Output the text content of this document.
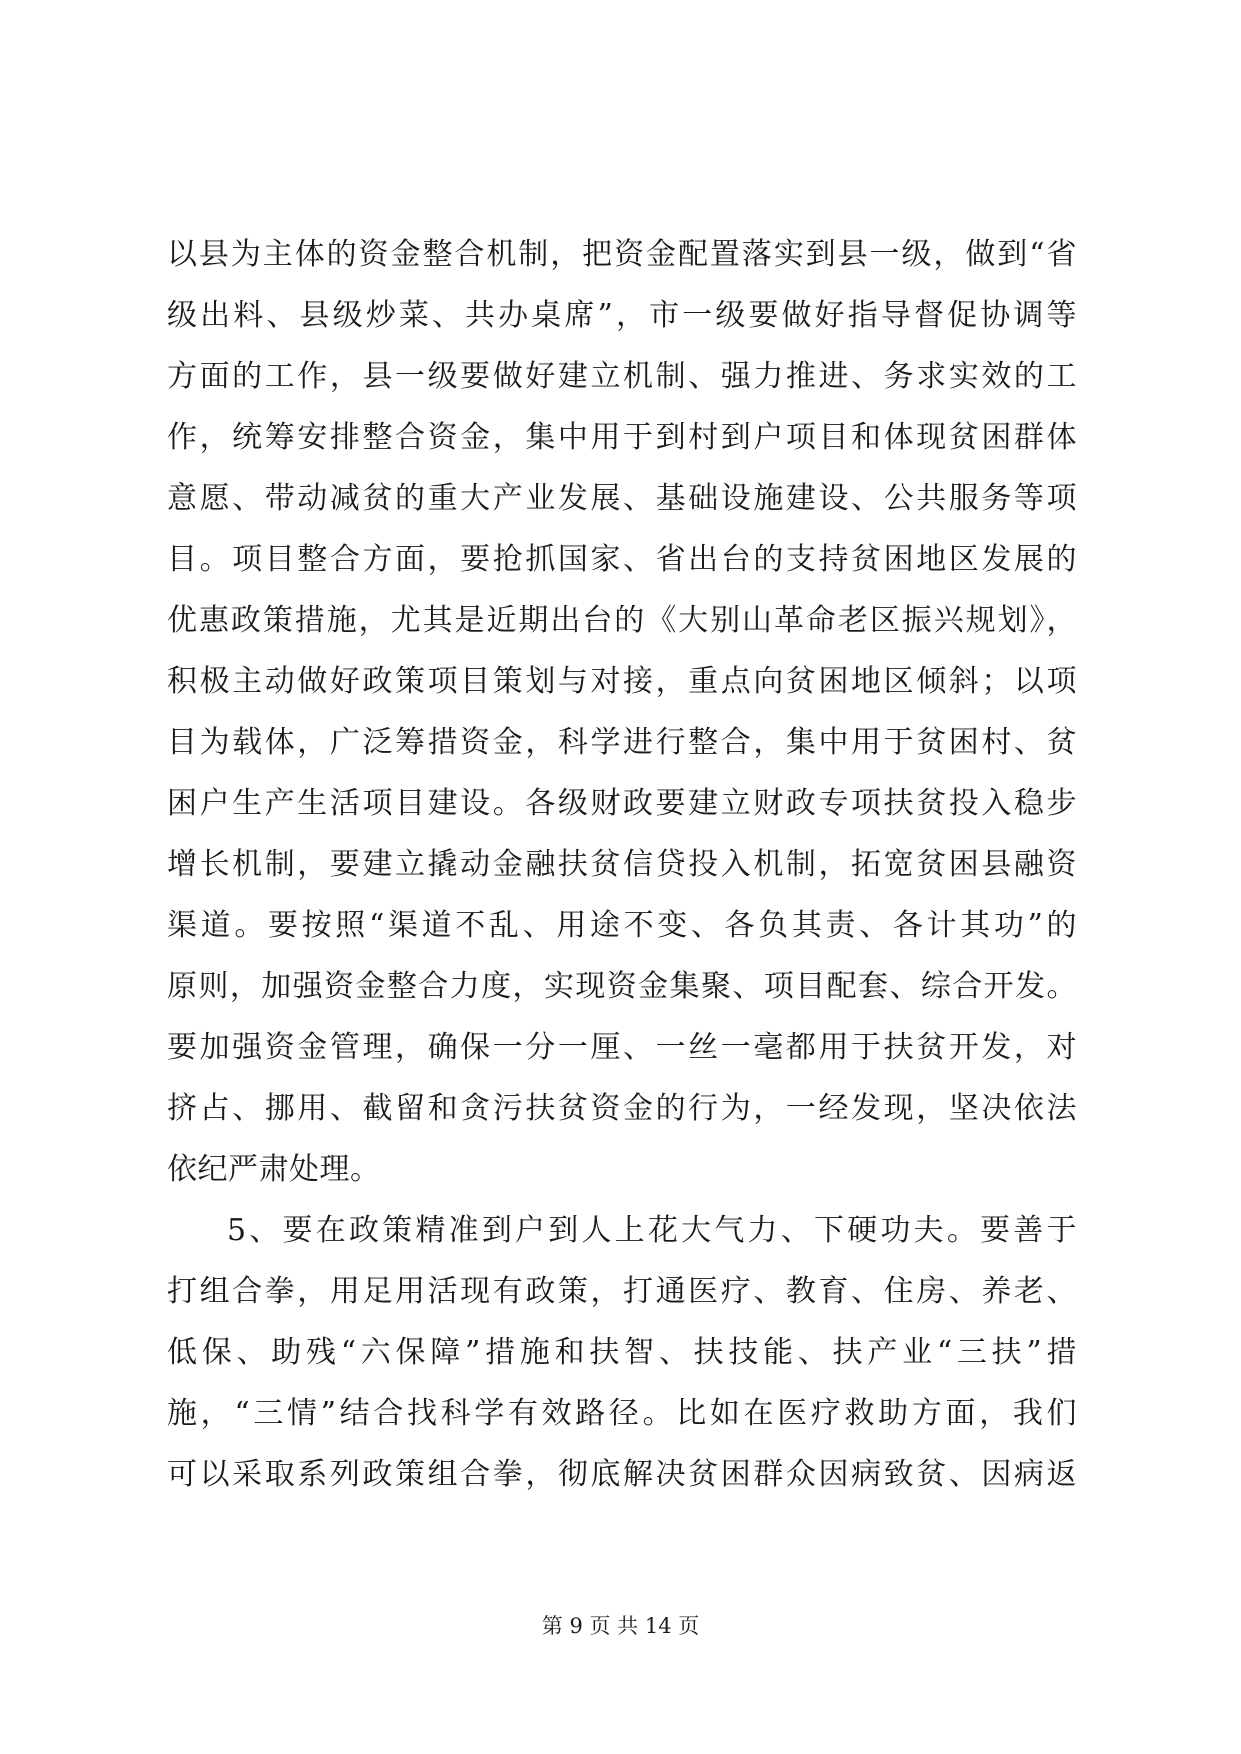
以县为主体的资金整合机制，把资金配置落实到县一级，做到“省
级出料、县级炒菜、共办桌席”，市一级要做好指导督促协调等
方面的工作，县一级要做好建立机制、强力推进、务求实效的工
作，统筹安排整合资金，集中用于到村到户项目和体现贫困群体
意愿、带动减贫的重大产业发展、基础设施建设、公共服务等项
目。项目整合方面，要抢抓国家、省出台的支持贫困地区发展的
优惠政策措施，尤其是近期出台的《大别山革命老区振兴规划》，
积极主动做好政策项目策划与对接，重点向贫困地区倾斜；以项
目为载体，广泛筹措资金，科学进行整合，集中用于贫困村、贫
困户生产生活项目建设。各级财政要建立财政专项扶贫投入稳步
增长机制，要建立撬动金融扶贫信贷投入机制，拓宽贫困县融资
渠道。要按照“渠道不乱、用途不变、各负其责、各计其功”的
原则，加强资金整合力度，实现资金集聚、项目配套、综合开发。
要加强资金管理，确保一分一厘、一丝一毫都用于扶贫开发，对
挤占、挪用、截留和贪污扶贫资金的行为，一经发现，坚决依法
依纪严肃处理。
5、要在政策精准到户到人上花大气力、下硬功夫。要善于
打组合拳，用足用活现有政策，打通医疗、教育、住房、养老、
低保、助残“六保障”措施和扶智、扶技能、扶产业“三扶”措
施，“三情”结合找科学有效路径。比如在医疗救助方面，我们
可以采取系列政策组合拳，彻底解决贫困群众因病致贫、因病返
第 9 页 共 14 页
